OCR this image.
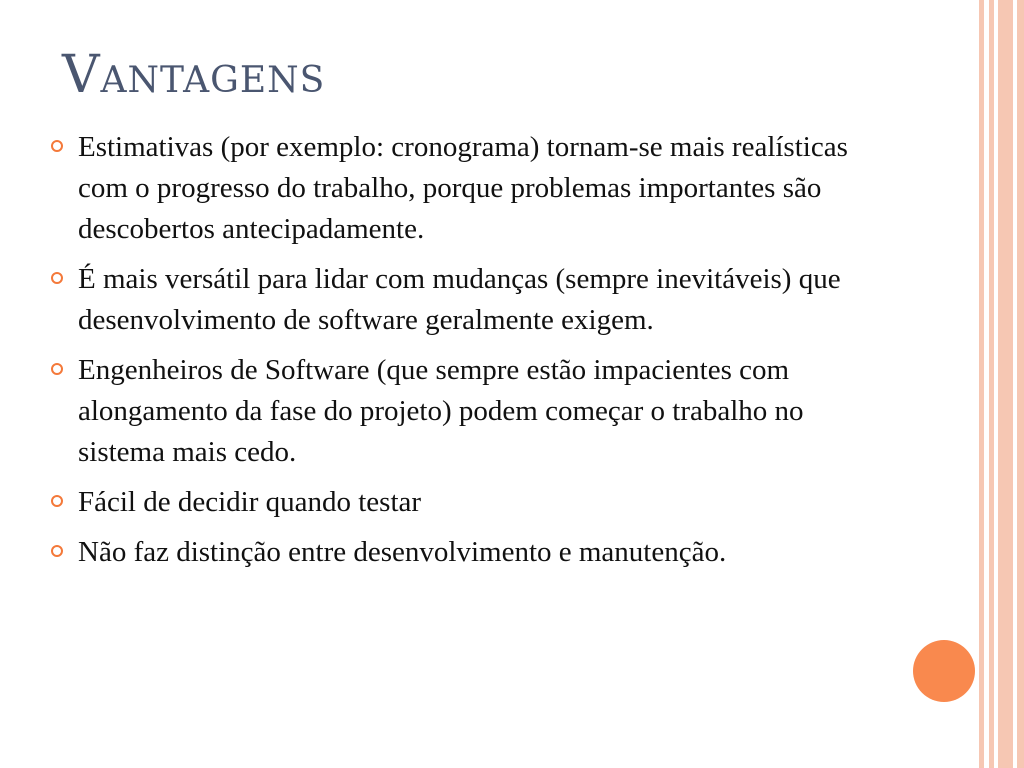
Vantagens
Estimativas (por exemplo: cronograma) tornam-se mais realísticas com o progresso do trabalho, porque problemas importantes são descobertos antecipadamente.
É mais versátil para lidar com mudanças (sempre inevitáveis) que desenvolvimento de software geralmente exigem.
Engenheiros de Software (que sempre estão impacientes com alongamento da fase do projeto) podem começar o trabalho no sistema mais cedo.
Fácil de decidir quando testar
Não faz distinção entre desenvolvimento e manutenção.
